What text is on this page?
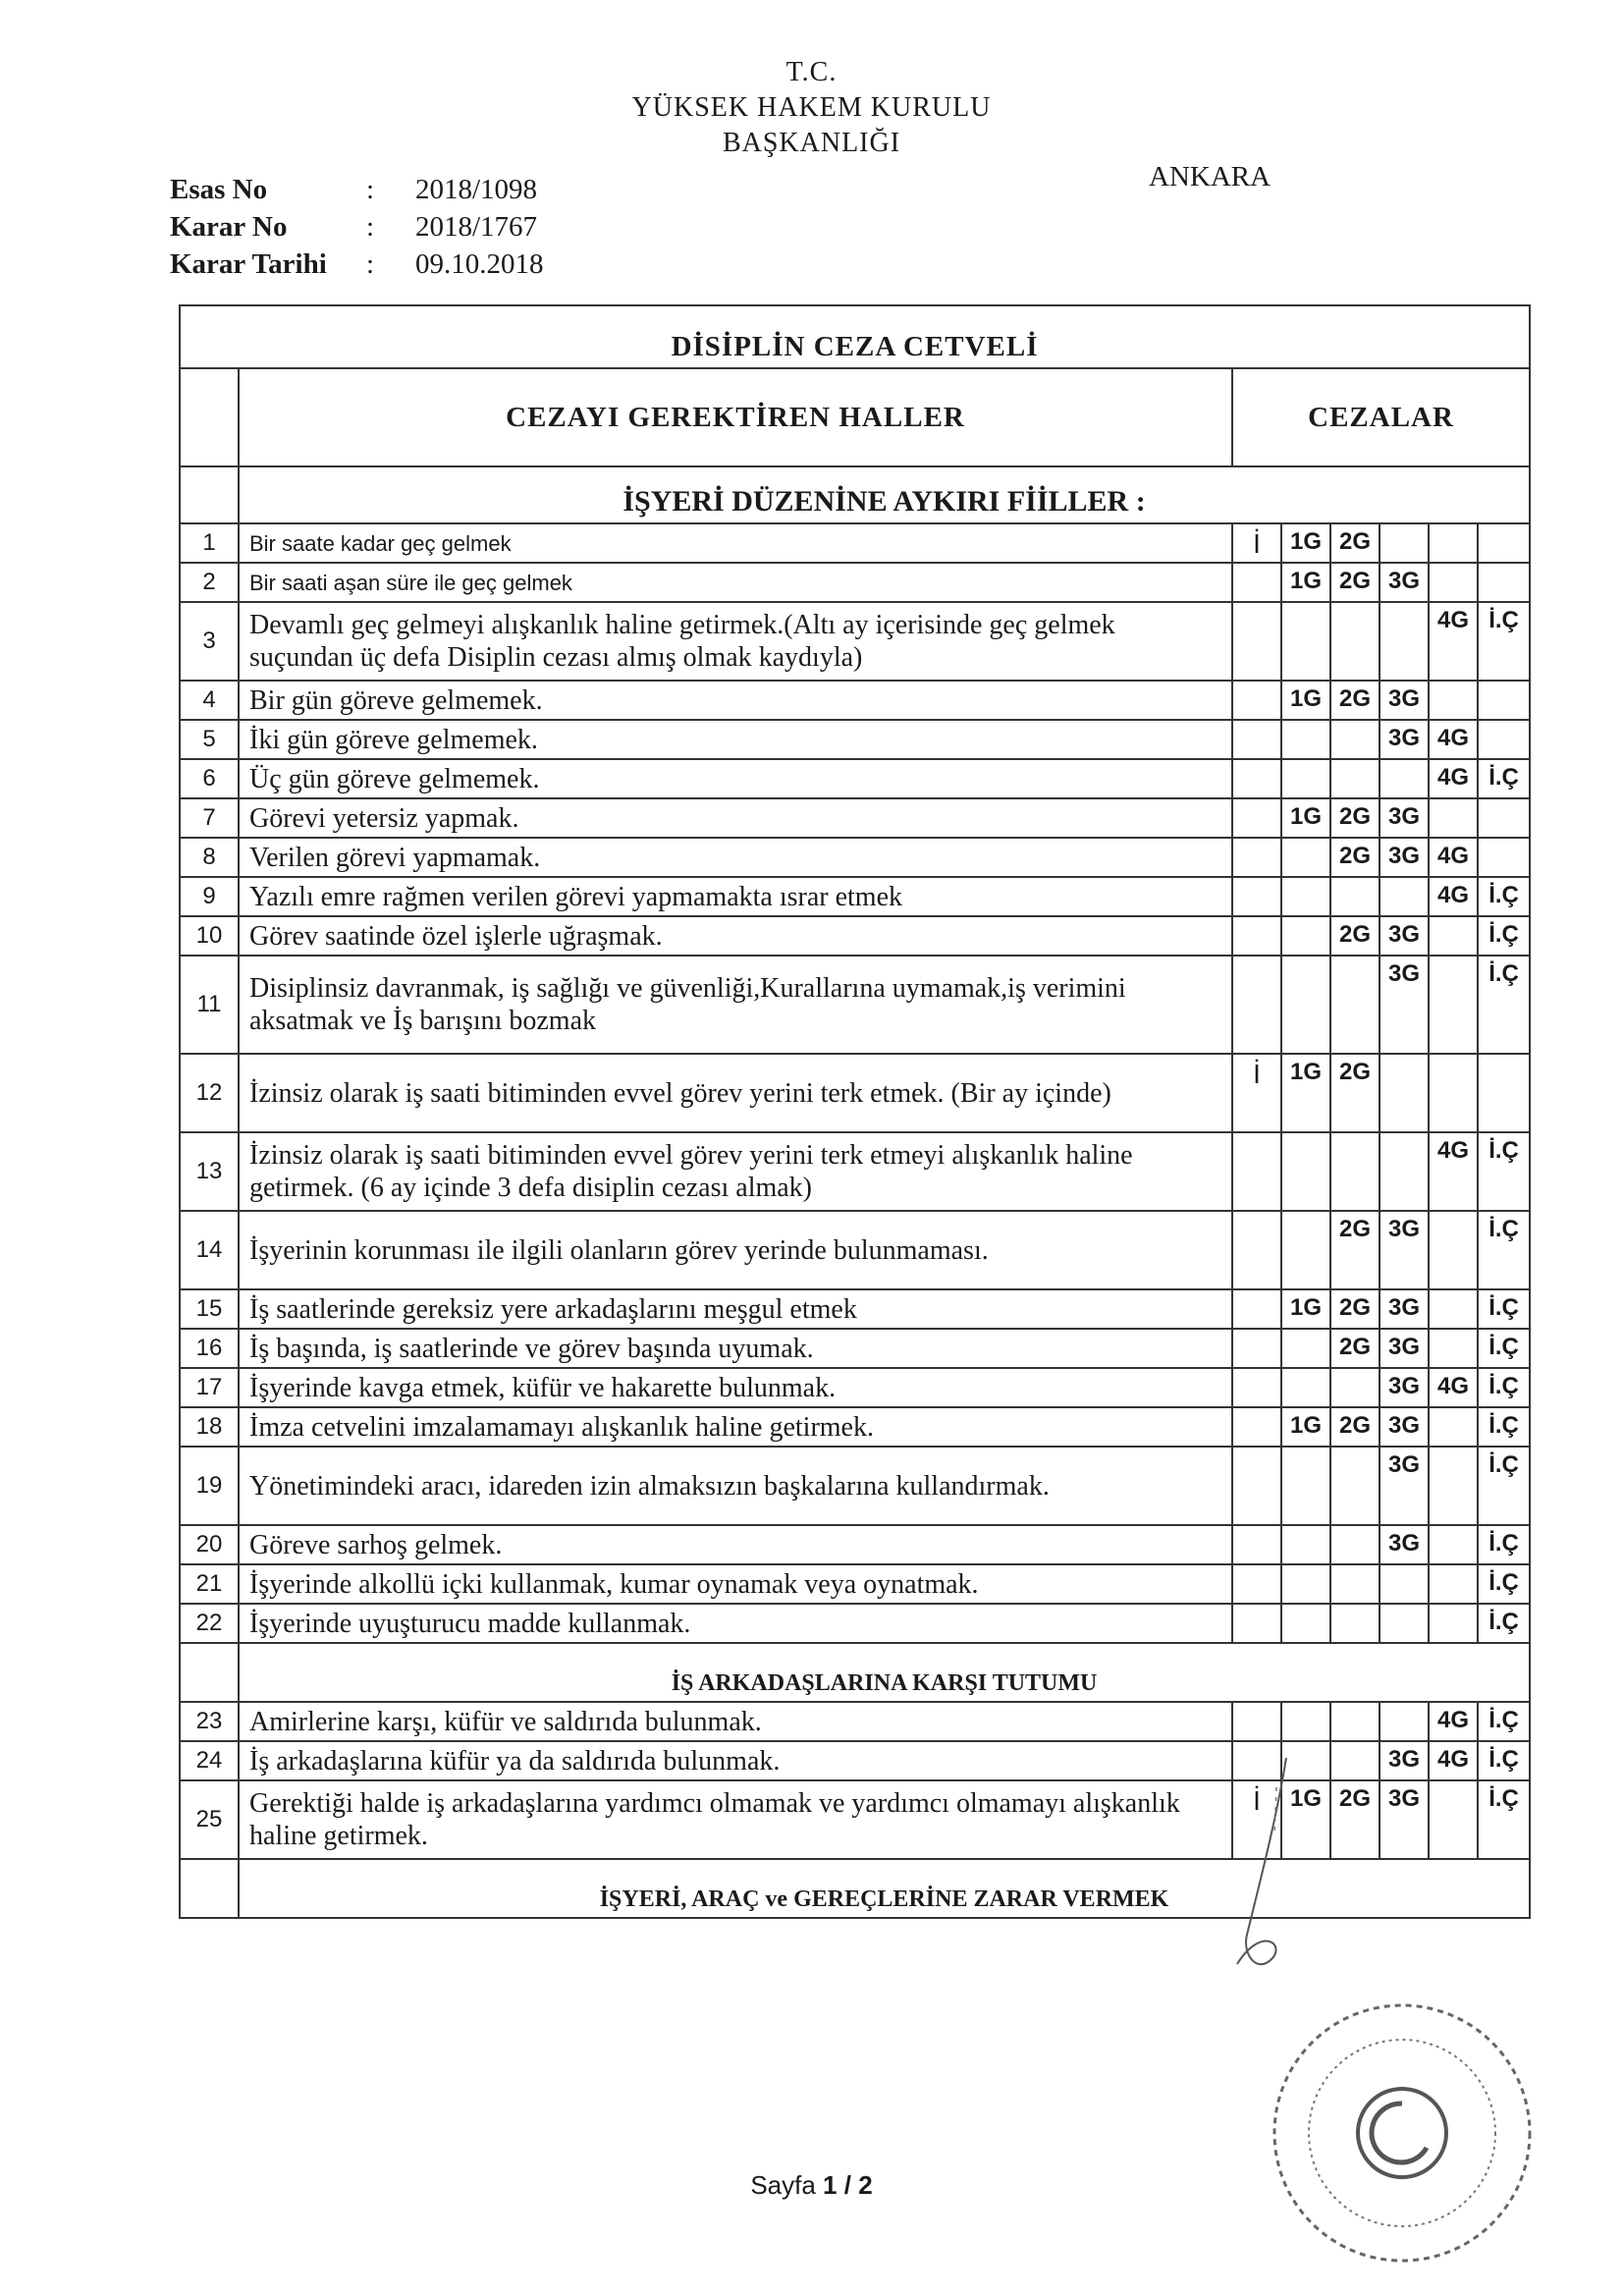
T.C.
YÜKSEK HAKEM KURULU
BAŞKANLIĞI
ANKARA
Esas No	:	2018/1098
Karar No	:	2018/1767
Karar Tarihi	:	09.10.2018
DİSİPLİN CEZA CETVELİ							
	CEZAYI GEREKTİREN HALLER	CEZALAR					
	İŞYERİ DÜZENİNE AYKIRI FİİLLER :						
1	Bir saate kadar geç gelmek	İ	1G	2G			
2	Bir saati aşan süre ile geç gelmek		1G	2G	3G		
3	Devamlı geç gelmeyi alışkanlık haline getirmek.(Altı ay içerisinde geç gelmek suçundan üç defa Disiplin cezası almış olmak kaydıyla)					4G	İ.Ç
4	Bir gün göreve gelmemek.		1G	2G	3G		
5	İki gün göreve gelmemek.				3G	4G	
6	Üç gün göreve gelmemek.					4G	İ.Ç
7	Görevi yetersiz yapmak.		1G	2G	3G		
8	Verilen görevi yapmamak.			2G	3G	4G	
9	Yazılı emre rağmen verilen görevi yapmamakta ısrar etmek					4G	İ.Ç
10	Görev saatinde özel işlerle uğraşmak.			2G	3G		İ.Ç
11	Disiplinsiz davranmak, iş sağlığı ve güvenliği,Kurallarına uymamak,iş verimini aksatmak ve İş barışını bozmak				3G		İ.Ç
12	İzinsiz olarak iş saati bitiminden evvel görev yerini terk etmek. (Bir ay içinde)	İ	1G	2G			
13	İzinsiz olarak iş saati bitiminden evvel görev yerini terk etmeyi alışkanlık haline getirmek. (6 ay içinde 3 defa disiplin cezası almak)					4G	İ.Ç
14	İşyerinin korunması ile ilgili olanların görev yerinde bulunmaması.			2G	3G		İ.Ç
15	İş saatlerinde gereksiz yere arkadaşlarını meşgul etmek		1G	2G	3G		İ.Ç
16	İş başında, iş saatlerinde ve görev başında uyumak.			2G	3G		İ.Ç
17	İşyerinde kavga etmek, küfür ve hakarette bulunmak.				3G	4G	İ.Ç
18	İmza cetvelini imzalamamayı alışkanlık haline getirmek.		1G	2G	3G		İ.Ç
19	Yönetimindeki aracı, idareden izin almaksızın başkalarına kullandırmak.				3G		İ.Ç
20	Göreve sarhoş gelmek.				3G		İ.Ç
21	İşyerinde alkollü içki kullanmak, kumar oynamak veya oynatmak.						İ.Ç
22	İşyerinde uyuşturucu madde kullanmak.						İ.Ç
	İŞ ARKADAŞLARINA KARŞI TUTUMU						
23	Amirlerine karşı, küfür ve saldırıda bulunmak.					4G	İ.Ç
24	İş arkadaşlarına küfür ya da saldırıda bulunmak.				3G	4G	İ.Ç
25	Gerektiği halde iş arkadaşlarına yardımcı olmamak ve yardımcı olmamayı alışkanlık haline getirmek.	İ	1G	2G	3G		İ.Ç
	İŞYERİ, ARAÇ ve GEREÇLERİNE ZARAR VERMEK						
Sayfa 1 / 2
